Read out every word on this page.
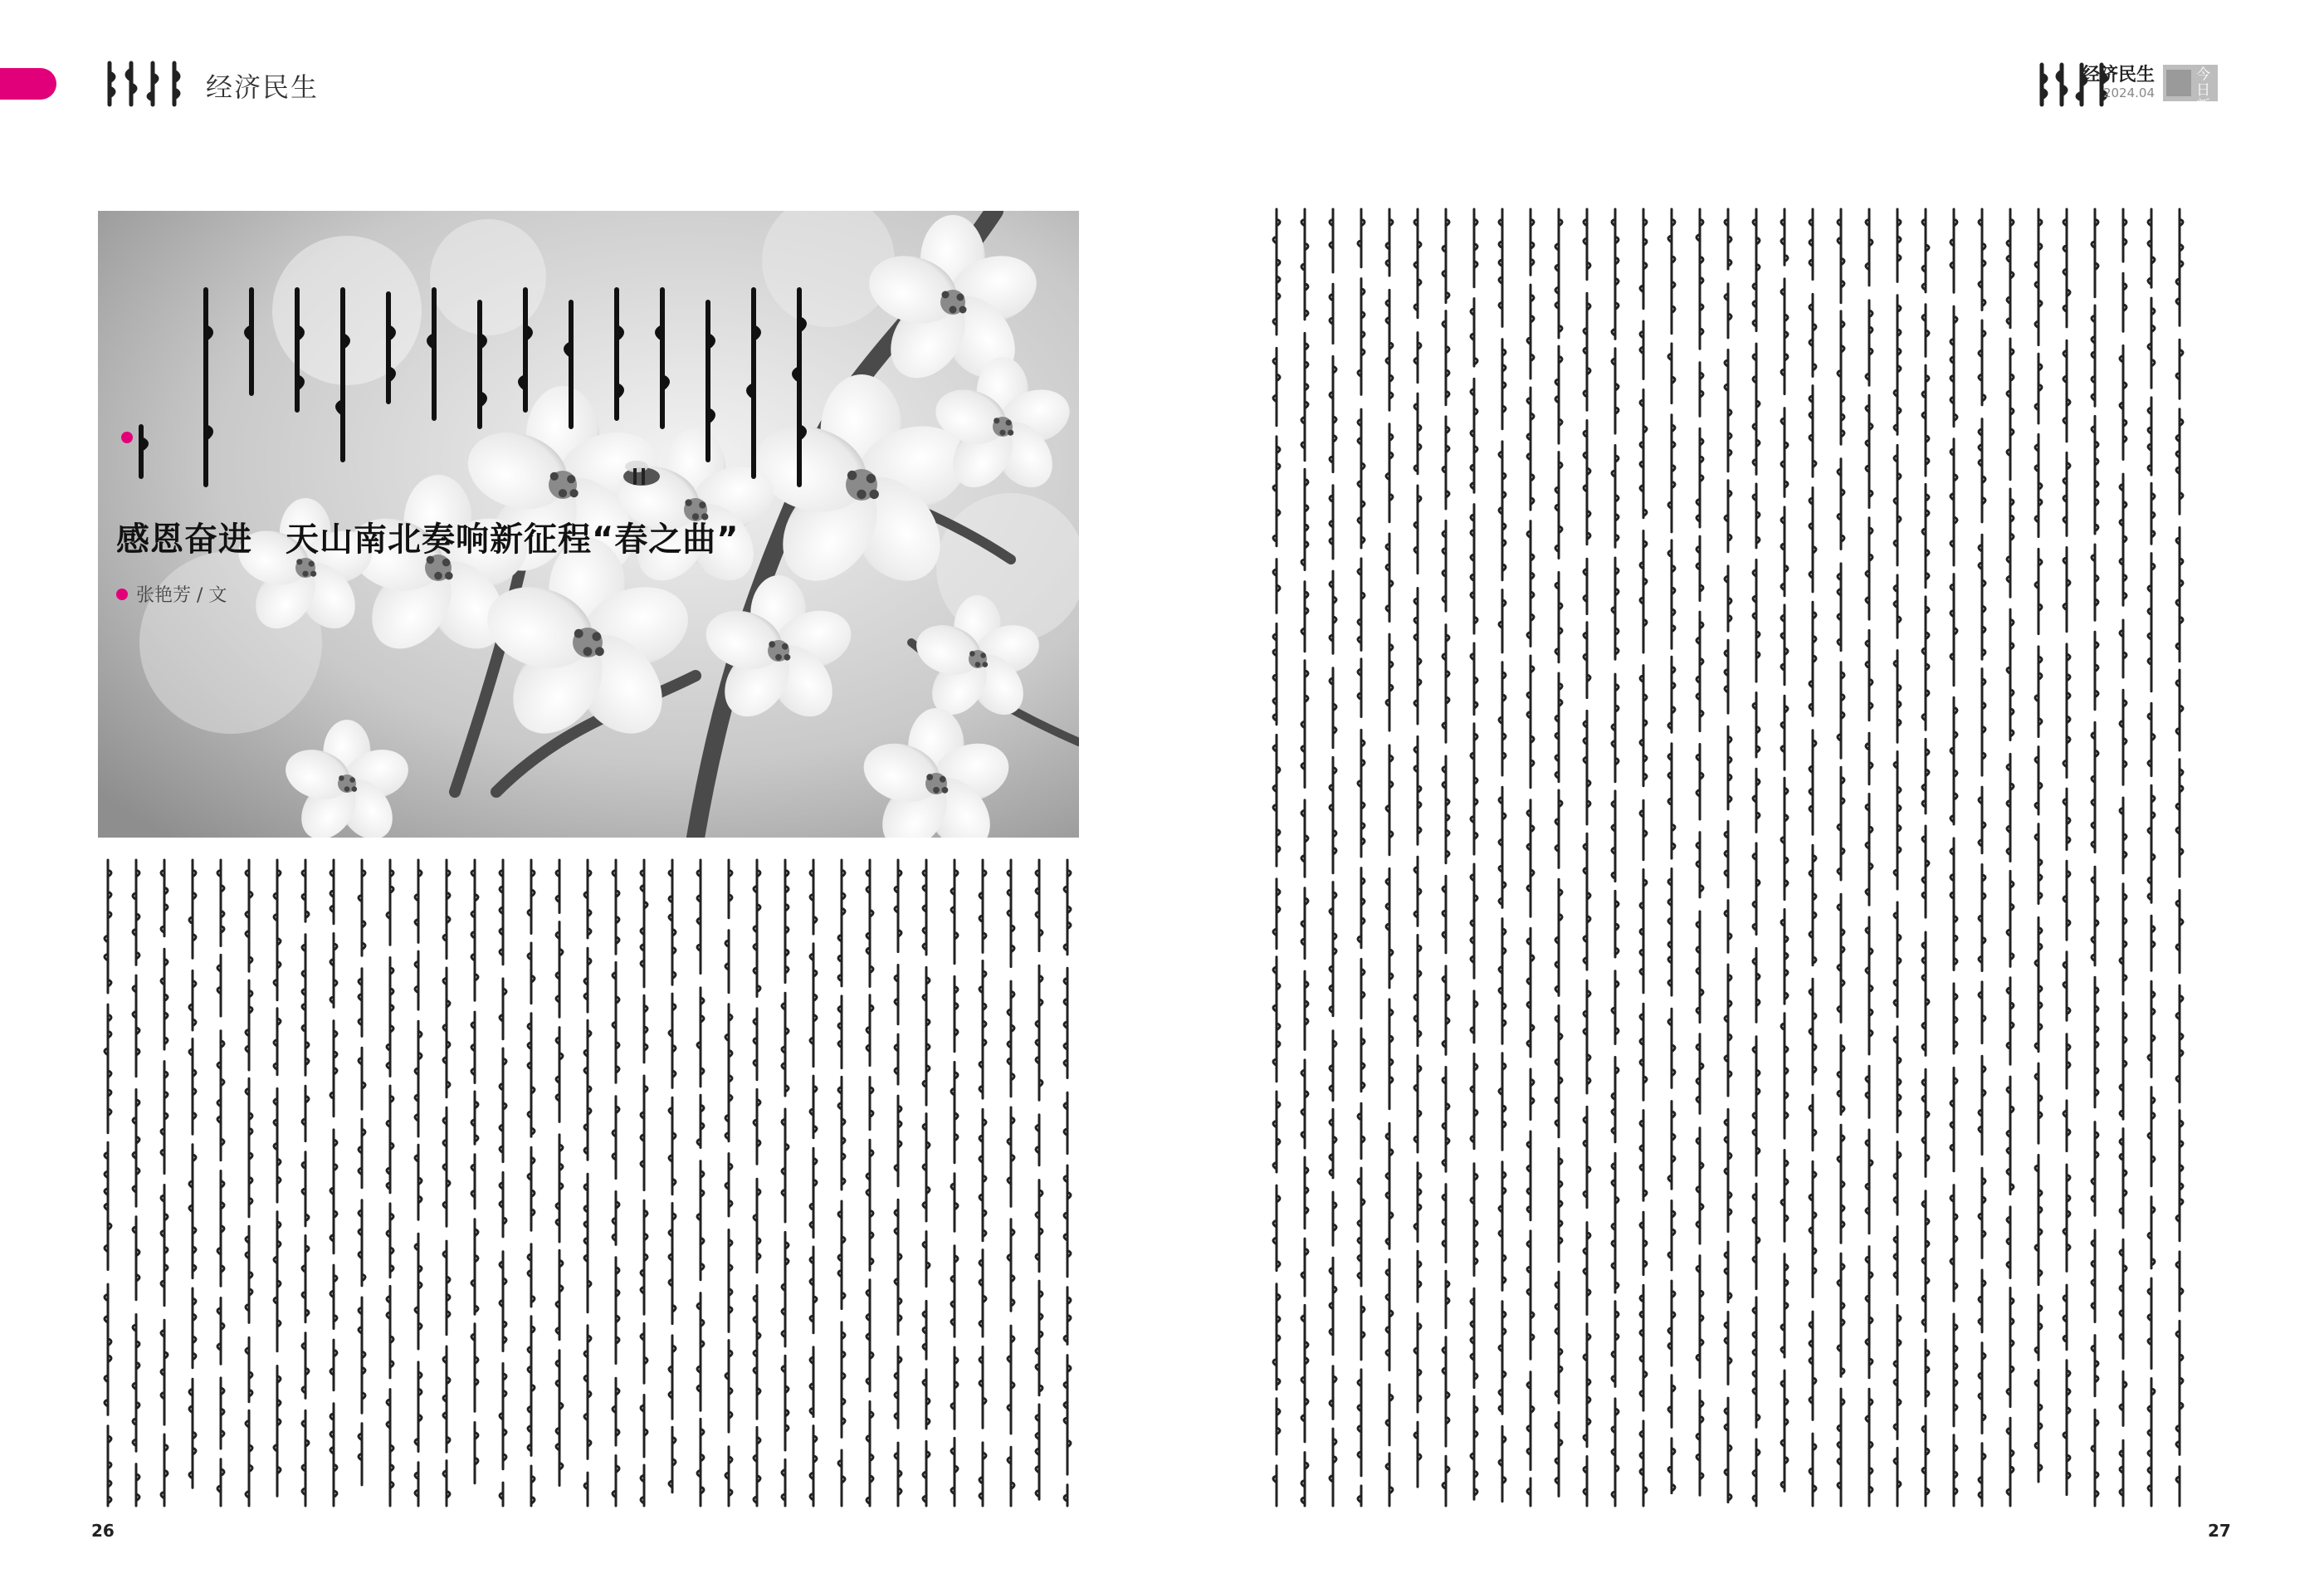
经济民生	经济民生
2024.04
今日新疆
感恩奋进 天山南北奏响新征程“春之曲”
张艳芳 / 文
26	27
